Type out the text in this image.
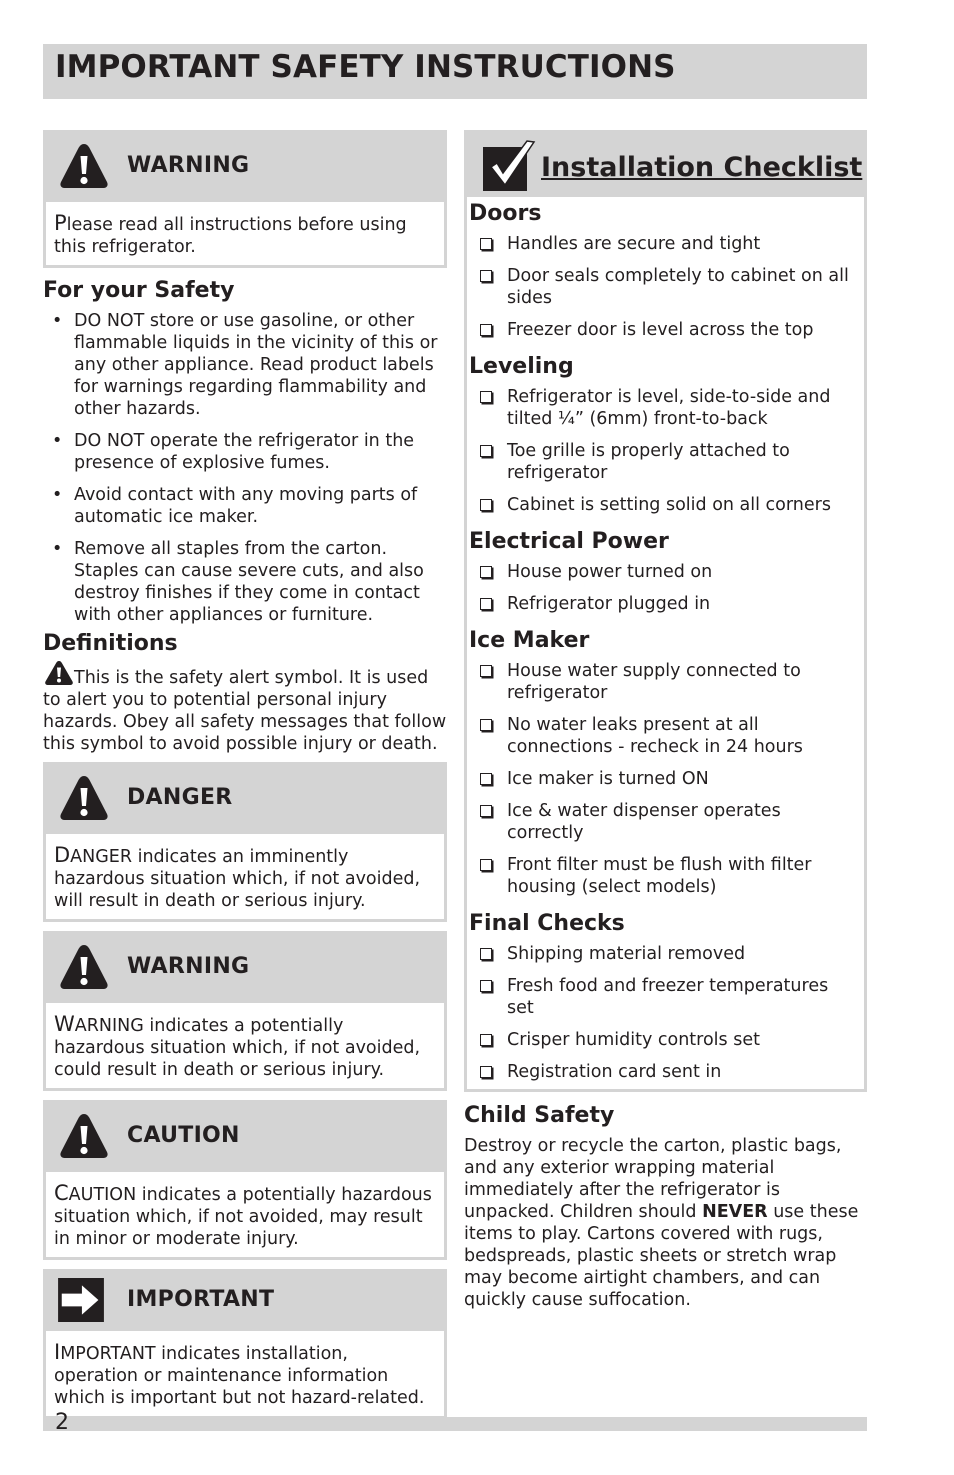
IMPORTANT SAFETY INSTRUCTIONS
WARNING
Please read all instructions before using this refrigerator.
For your Safety
• DO NOT store or use gasoline, or other flammable liquids in the vicinity of this or any other appliance. Read product labels for warnings regarding flammability and other hazards.
• DO NOT operate the refrigerator in the presence of explosive fumes.
• Avoid contact with any moving parts of automatic ice maker.
• Remove all staples from the carton. Staples can cause severe cuts, and also destroy finishes if they come in contact with other appliances or furniture.
Definitions

This is the safety alert symbol. It is used to alert you to potential personal injury hazards. Obey all safety messages that follow this symbol to avoid possible injury or death.

DANGER
DANGER indicates an imminently hazardous situation which, if not avoided, will result in death or serious injury.
WARNING
WARNING indicates a potentially hazardous situation which, if not avoided, could result in death or serious injury.
CAUTION
CAUTION indicates a potentially hazardous situation which, if not avoided, may result in minor or moderate injury.
IMPORTANT
IMPORTANT indicates installation, operation or maintenance information which is important but not hazard-related.
Installation Checklist
Doors
Handles are secure and tight
Door seals completely to cabinet on all sides
Freezer door is level across the top
Leveling
Refrigerator is level, side-to-side and tilted ¼” (6mm) front-to-back
Toe grille is properly attached to refrigerator
Cabinet is setting solid on all corners
Electrical Power
House power turned on
Refrigerator plugged in
Ice Maker
House water supply connected to refrigerator
No water leaks present at all connections - recheck in 24 hours
Ice maker is turned ON
Ice & water dispenser operates correctly
Front filter must be flush with filter housing (select models)
Final Checks
Shipping material removed
Fresh food and freezer temperatures set
Crisper humidity controls set
Registration card sent in
Child Safety

Destroy or recycle the carton, plastic bags, and any exterior wrapping material immediately after the refrigerator is unpacked. Children should NEVER use these items to play. Cartons covered with rugs, bedspreads, plastic sheets or stretch wrap may become airtight chambers, and can quickly cause suffocation.

2
